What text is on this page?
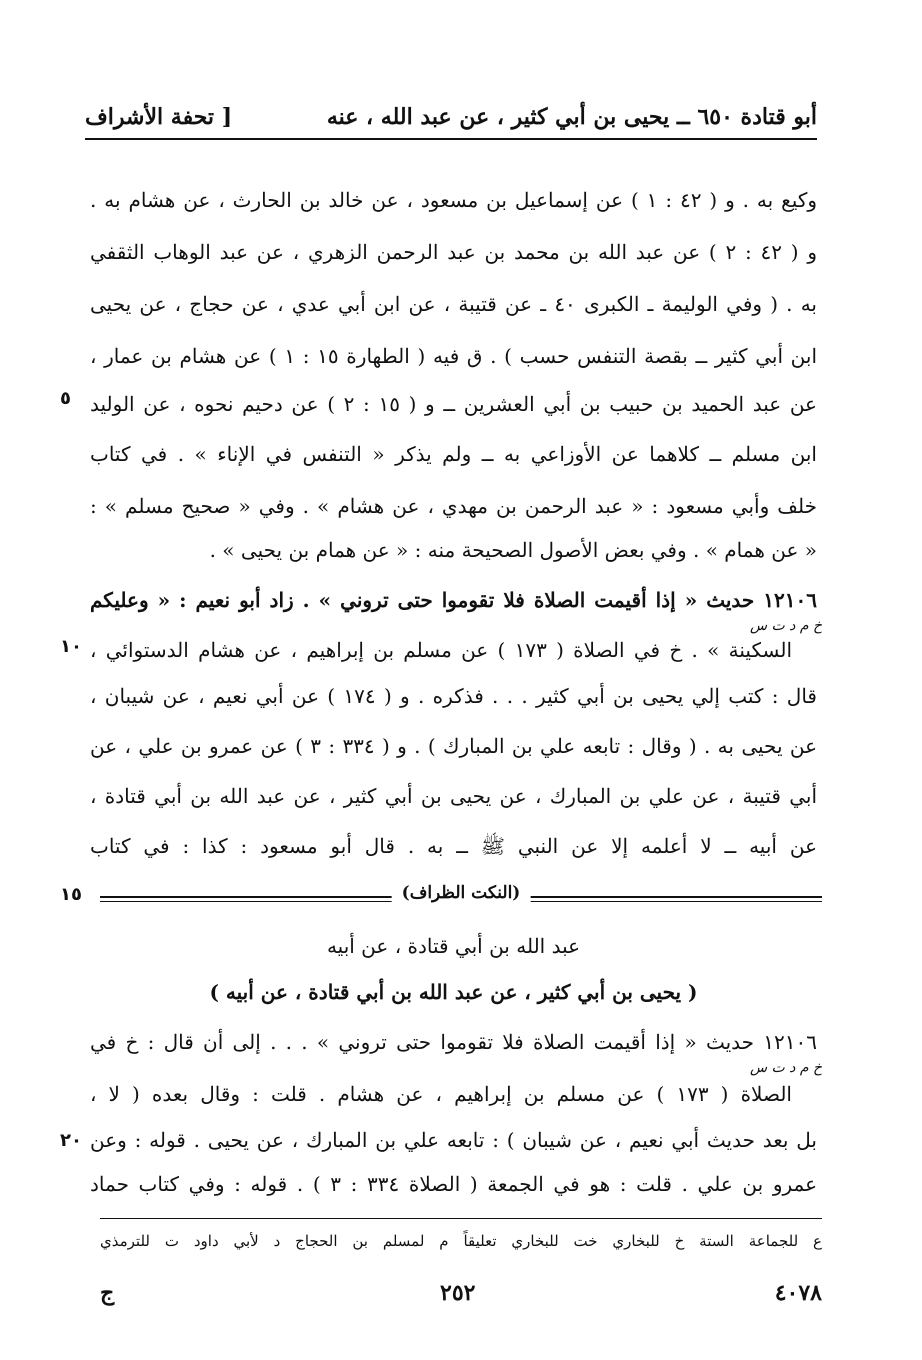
أبو قتادة ٦٥٠ ــ يحيى بن أبي كثير ، عن عبد الله ، عنه
[ تحفة الأشراف
وكيع به . و ( ٤٢ : ١ ) عن إسماعيل بن مسعود ، عن خالد بن الحارث ، عن هشام به .
و ( ٤٢ : ٢ ) عن عبد الله بن محمد بن عبد الرحمن الزهري ، عن عبد الوهاب الثقفي
به . ( وفي الوليمة ـ الكبرى ٤٠ ـ عن قتيبة ، عن ابن أبي عدي ، عن حجاج ، عن يحيى
ابن أبي كثير ــ بقصة التنفس حسب ) . ق فيه ( الطهارة ١٥ : ١ ) عن هشام بن عمار ،
عن عبد الحميد بن حبيب بن أبي العشرين ــ و ( ١٥ : ٢ ) عن دحيم نحوه ، عن الوليد
ابن مسلم ــ كلاهما عن الأوزاعي به ــ ولم يذكر « التنفس في الإناء » . في كتاب
خلف وأبي مسعود : « عبد الرحمن بن مهدي ، عن هشام » . وفي « صحيح مسلم » :
« عن همام » . وفي بعض الأصول الصحيحة منه : « عن همام بن يحيى » .
١٢١٠٦ حديث « إذا أقيمت الصلاة فلا تقوموا حتى تروني » . زاد أبو نعيم : « وعليكم
خ م د ت س
السكينة » . خ في الصلاة ( ١٧٣ ) عن مسلم بن إبراهيم ، عن هشام الدستوائي ،
قال : كتب إلي يحيى بن أبي كثير . . . فذكره . و ( ١٧٤ ) عن أبي نعيم ، عن شيبان ،
عن يحيى به . ( وقال : تابعه علي بن المبارك ) . و ( ٣٣٤ : ٣ ) عن عمرو بن علي ، عن
أبي قتيبة ، عن علي بن المبارك ، عن يحيى بن أبي كثير ، عن عبد الله بن أبي قتادة ،
عن أبيه ــ لا أعلمه إلا عن النبي ﷺ ــ به . قال أبو مسعود : كذا : في كتاب
٥
١٠
١٥
٢٠
(النكت الظراف)
عبد الله بن أبي قتادة ، عن أبيه
( يحيى بن أبي كثير ، عن عبد الله بن أبي قتادة ، عن أبيه )
١٢١٠٦ حديث « إذا أقيمت الصلاة فلا تقوموا حتى تروني » . . . إلى أن قال : خ في
خ م د ت س
الصلاة ( ١٧٣ ) عن مسلم بن إبراهيم ، عن هشام . قلت : وقال بعده ( لا ،
بل بعد حديث أبي نعيم ، عن شيبان ) : تابعه علي بن المبارك ، عن يحيى . قوله : وعن
عمرو بن علي . قلت : هو في الجمعة ( الصلاة ٣٣٤ : ٣ ) . قوله : وفي كتاب حماد
ع للجماعة الستة خ للبخاري خت للبخاري تعليقاً م لمسلم بن الحجاج د لأبي داود ت للترمذي
ج	٢٥٢	٤٠٧٨
